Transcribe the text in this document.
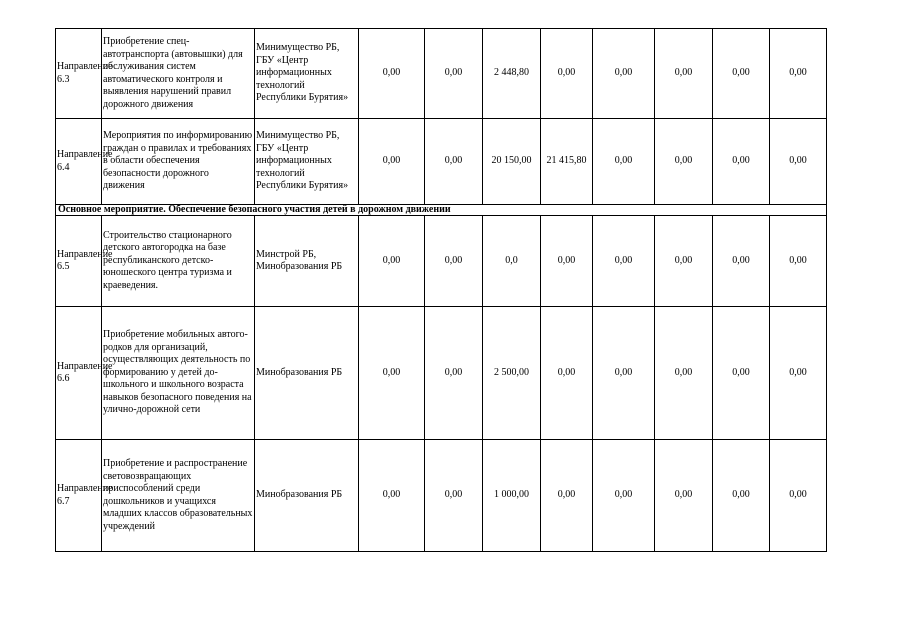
Направление 6.3	Приобретение спец-автотранспорта (автовышки) для обслуживания систем автоматического контроля и выявления нарушений правил дорожного движения	Минимущество РБ, ГБУ «Центр информационных технологий Республики Бурятия»	0,00	0,00	2 448,80	0,00	0,00	0,00	0,00	0,00
Направление 6.4	Мероприятия по информированию граждан о правилах и требованиях в области обеспечения безопасности дорожного движения	Минимущество РБ, ГБУ «Центр информационных технологий Республики Бурятия»	0,00	0,00	20 150,00	21 415,80	0,00	0,00	0,00	0,00
Основное мероприятие. Обеспечение безопасного участия детей в дорожном движении										
Направление 6.5	Строительство стационарного детского автогородка на базе республиканского детско-юношеского центра туризма и краеведения.	Минстрой РБ, Минобразования РБ	0,00	0,00	0,0	0,00	0,00	0,00	0,00	0,00
Направление 6.6	Приобретение мобильных автого-родков для организаций, осуществляющих деятельность по формированию у детей до-школьного и школьного возраста навыков безопасного поведения на улично-дорожной сети	Минобразования РБ	0,00	0,00	2 500,00	0,00	0,00	0,00	0,00	0,00
Направление 6.7	Приобретение и распространение световозвращающих приспособлений среди дошкольников и учащихся младших классов образовательных учреждений	Минобразования РБ	0,00	0,00	1 000,00	0,00	0,00	0,00	0,00	0,00
